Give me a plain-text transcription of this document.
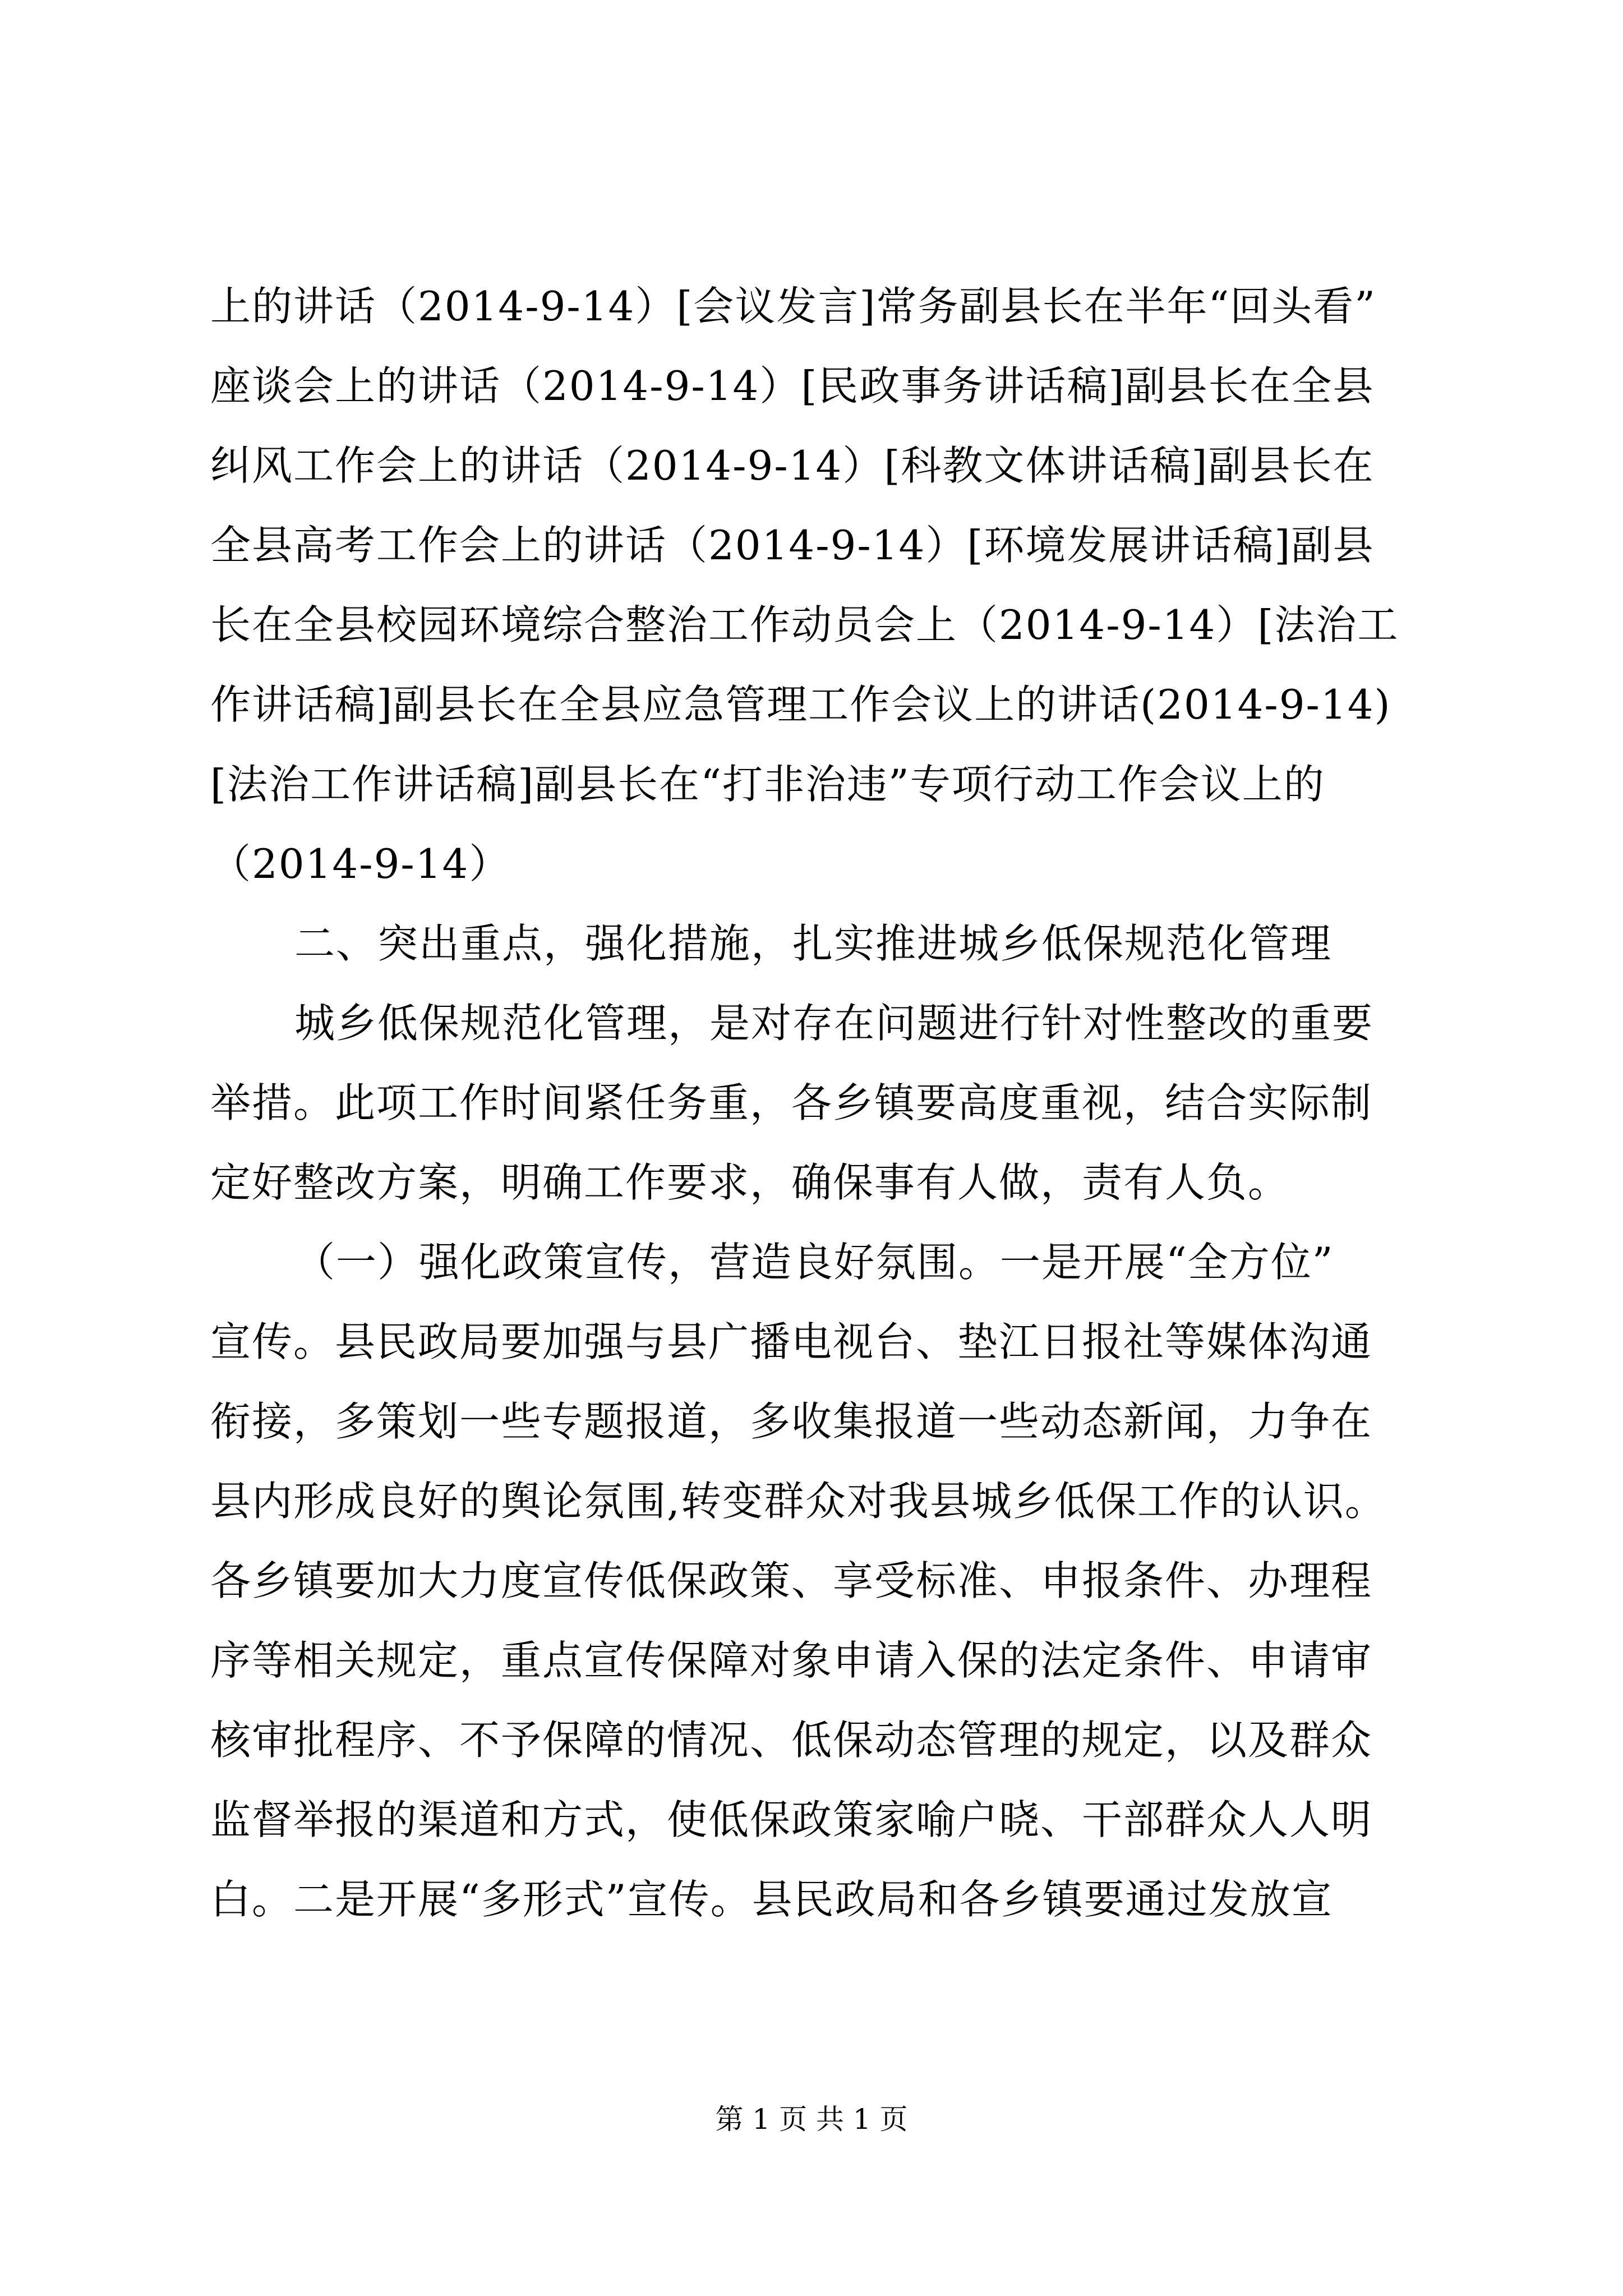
上的讲话（2014-9-14）[会议发言]常务副县长在半年“回头看”
座谈会上的讲话（2014-9-14）[民政事务讲话稿]副县长在全县
纠风工作会上的讲话（2014-9-14）[科教文体讲话稿]副县长在
全县高考工作会上的讲话（2014-9-14）[环境发展讲话稿]副县
长在全县校园环境综合整治工作动员会上（2014-9-14）[法治工
作讲话稿]副县长在全县应急管理工作会议上的讲话(2014-9-14)
[法治工作讲话稿]副县长在“打非治违”专项行动工作会议上的
（2014-9-14）
二、突出重点，强化措施，扎实推进城乡低保规范化管理
城乡低保规范化管理，是对存在问题进行针对性整改的重要
举措。此项工作时间紧任务重，各乡镇要高度重视，结合实际制
定好整改方案，明确工作要求，确保事有人做，责有人负。
（一）强化政策宣传，营造良好氛围。一是开展“全方位”
宣传。县民政局要加强与县广播电视台、垫江日报社等媒体沟通
衔接，多策划一些专题报道，多收集报道一些动态新闻，力争在
县内形成良好的舆论氛围,转变群众对我县城乡低保工作的认识。
各乡镇要加大力度宣传低保政策、享受标准、申报条件、办理程
序等相关规定，重点宣传保障对象申请入保的法定条件、申请审
核审批程序、不予保障的情况、低保动态管理的规定，以及群众
监督举报的渠道和方式，使低保政策家喻户晓、干部群众人人明
白。二是开展“多形式”宣传。县民政局和各乡镇要通过发放宣
第 1 页 共 1 页
